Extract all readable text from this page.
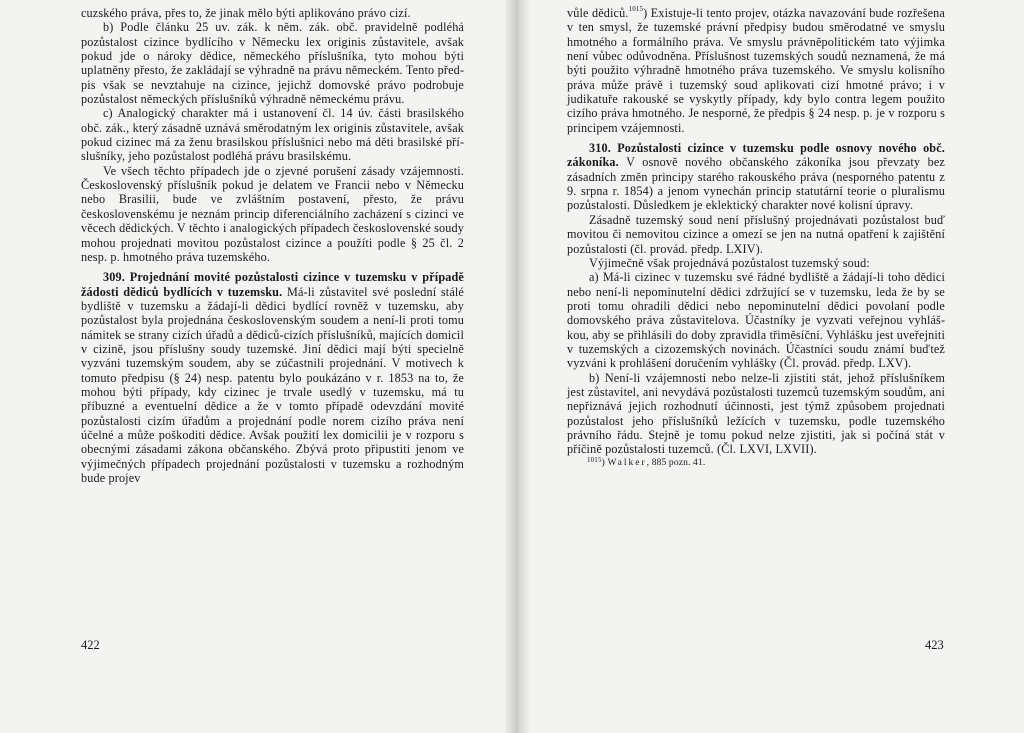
cuzského práva, přes to, že jinak mělo býti aplikováno právo cizí.

b) Podle článku 25 uv. zák. k něm. zák. obč. pravidelně podléhá pozůstalost cizince bydlícího v Německu lex originis zůstavitele, avšak pokud jde o nároky dědice, německého příslušníka, tyto mohou býti uplatněny přesto, že zakládají se výhradně na právu německém. Tento předpis však se nevztahuje na cizince, jejichž domovské právo podrobuje pozůstalost německých příslušníků výhradně německému právu.

c) Analogický charakter má i ustanovení čl. 14 úv. části brasilského obč. zák., který zásadně uznává směrodatným lex originis zůstavitele, avšak pokud cizinec má za ženu brasilskou příslušnici nebo má děti brasilské příslušníky, jeho pozůstalost podléhá právu brasilskému.

Ve všech těchto případech jde o zjevné porušení zásady vzájemnosti. Československý příslušník pokud je delatem ve Francii nebo v Německu nebo Brasilii, bude ve zvláštním postavení, přesto, že právu československému je neznám princip diferenciálního zacházení s cizinci ve věcech dědických. V těchto i analogických případech československé soudy mohou projednati movitou pozůstalost cizince a použíti podle § 25 čl. 2 nesp. p. hmotného práva tuzemského.

309. Projednání movité pozůstalosti cizince v tuzemsku v případě žádosti dědiců bydlících v tuzemsku. Má-li zůstavitel své poslední stálé bydliště v tuzemsku a žádají-li dědici bydlící rovněž v tuzemsku, aby pozůstalost byla projednána československým soudem a není-li proti tomu námitek se strany cizích úřadů a dědiců-cizích příslušníků, majících domicil v cizině, jsou příslušny soudy tuzemské. Jiní dědici mají býti specielně vyzváni tuzemským soudem, aby se zúčastnili projednání. V motivech k tomuto předpisu (§ 24) nesp. patentu bylo poukázáno v r. 1853 na to, že mohou býti případy, kdy cizinec je trvale usedlý v tuzemsku, má tu příbuzné a eventuelní dědice a že v tomto případě odevzdání movité pozůstalosti cizím úřadům a projednání podle norem cizího práva není účelné a může poškoditi dědice. Avšak použití lex domicilii je v rozporu s obecnými zásadami zákona občanského. Zbývá proto připustiti jenom ve výjimečných případech projednání pozůstalosti v tuzemsku a rozhodným bude projev

422

vůle dědiců.$^{1015}$) Existuje-li tento projev, otázka navazování bude rozřešena v ten smysl, že tuzemské právní předpisy budou směrodatné ve smyslu hmotného a formálního práva. Ve smyslu právněpolitickém tato výjimka není vůbec odůvodněna. Příslušnost tuzemských soudů neznamená, že má býti použito výhradně hmotného práva tuzemského. Ve smyslu kolisního práva může právě i tuzemský soud aplikovati cizí hmotné právo; i v judikatuře rakouské se vyskytly případy, kdy bylo contra legem použito cizího práva hmotného. Je nesporné, že předpis § 24 nesp. p. je v rozporu s principem vzájemnosti.

310. Pozůstalosti cizince v tuzemsku podle osnovy nového obč. zákoníka. V osnově nového občanského zákoníka jsou převzaty bez zásadních změn principy starého rakouského práva (nesporného patentu z 9. srpna r. 1854) a jenom vynechán princip statutární teorie o pluralismu pozůstalosti. Důsledkem je eklektický charakter nové kolisní úpravy.

Zásadně tuzemský soud není příslušný projednávati pozůstalost buď movitou či nemovitou cizince a omezí se jen na nutná opatření k zajištění pozůstalosti (čl. provád. předp. LXIV).

Výjimečně však projednává pozůstalost tuzemský soud:

a) Má-li cizinec v tuzemsku své řádné bydliště a žádají-li toho dědici nebo není-li nepominutelní dědici zdržující se v tuzemsku, leda že by se proti tomu ohradili dědici nebo nepominutelní dědici povolaní podle domovského práva zůstavitelova. Účastníky je vyzvati veřejnou vyhláškou, aby se přihlásili do doby zpravidla třiměsíční. Vyhlášku jest uveřejniti v tuzemských a cizozemských novinách. Účastníci soudu známí buďtež vyzváni k prohlášení doručením vyhlášky (Čl. provád. předp. LXV).

b) Není-li vzájemnosti nebo nelze-li zjistiti stát, jehož příslušníkem jest zůstavitel, ani nevydává pozůstalosti tuzemců tuzemským soudům, ani nepřiznává jejich rozhodnutí účinnosti, jest týmž způsobem projednati pozůstalost jeho příslušníků ležících v tuzemsku, podle tuzemského právního řádu. Stejně je tomu pokud nelze zjistiti, jak si počíná stát v příčině pozůstalosti tuzemců. (Čl. LXVI, LXVII).

$^{1015}$) Walker, 885 pozn. 41.

423
